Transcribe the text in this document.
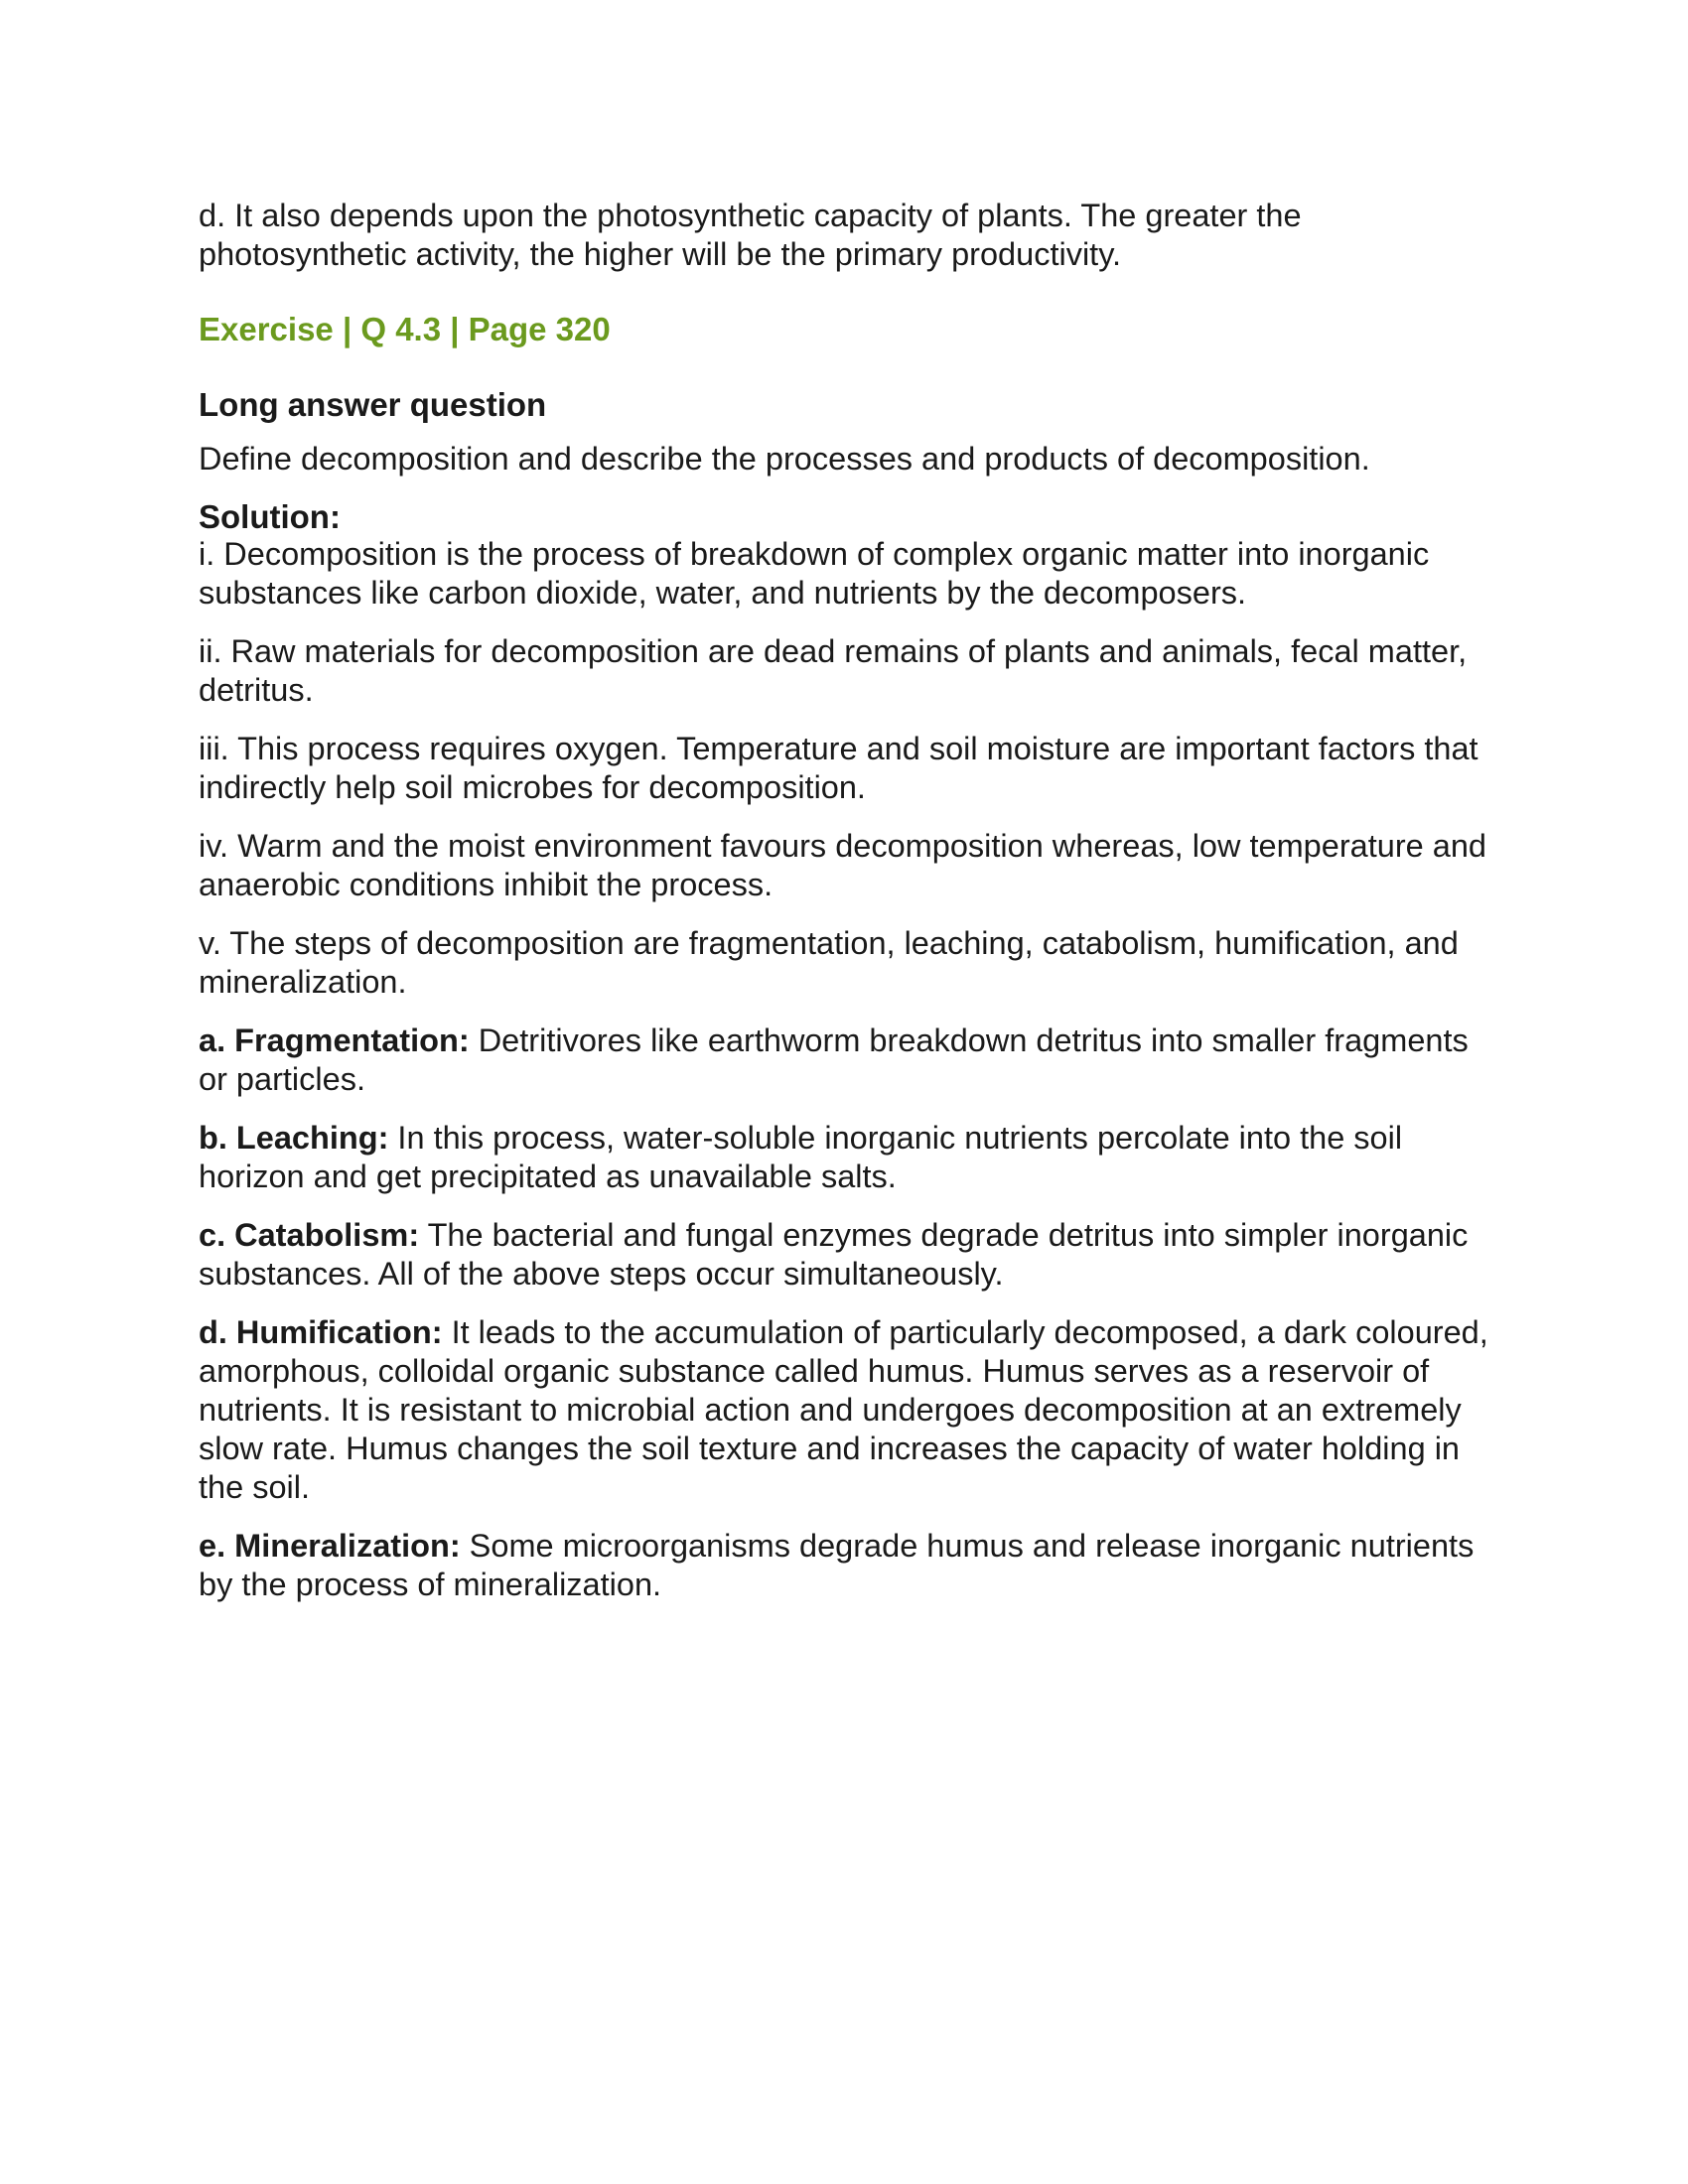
d. It also depends upon the photosynthetic capacity of plants. The greater the photosynthetic activity, the higher will be the primary productivity.

Exercise | Q 4.3 | Page 320
Long answer question

Define decomposition and describe the processes and products of decomposition.

Solution:

i. Decomposition is the process of breakdown of complex organic matter into inorganic substances like carbon dioxide, water, and nutrients by the decomposers.

ii. Raw materials for decomposition are dead remains of plants and animals, fecal matter, detritus.

iii. This process requires oxygen. Temperature and soil moisture are important factors that indirectly help soil microbes for decomposition.

iv. Warm and the moist environment favours decomposition whereas, low temperature and anaerobic conditions inhibit the process.

v. The steps of decomposition are fragmentation, leaching, catabolism, humification, and mineralization.

a. Fragmentation: Detritivores like earthworm breakdown detritus into smaller fragments or particles.

b. Leaching: In this process, water-soluble inorganic nutrients percolate into the soil horizon and get precipitated as unavailable salts.

c. Catabolism: The bacterial and fungal enzymes degrade detritus into simpler inorganic substances. All of the above steps occur simultaneously.

d. Humification: It leads to the accumulation of particularly decomposed, a dark coloured, amorphous, colloidal organic substance called humus. Humus serves as a reservoir of nutrients. It is resistant to microbial action and undergoes decomposition at an extremely slow rate. Humus changes the soil texture and increases the capacity of water holding in the soil.

e. Mineralization: Some microorganisms degrade humus and release inorganic nutrients by the process of mineralization.
